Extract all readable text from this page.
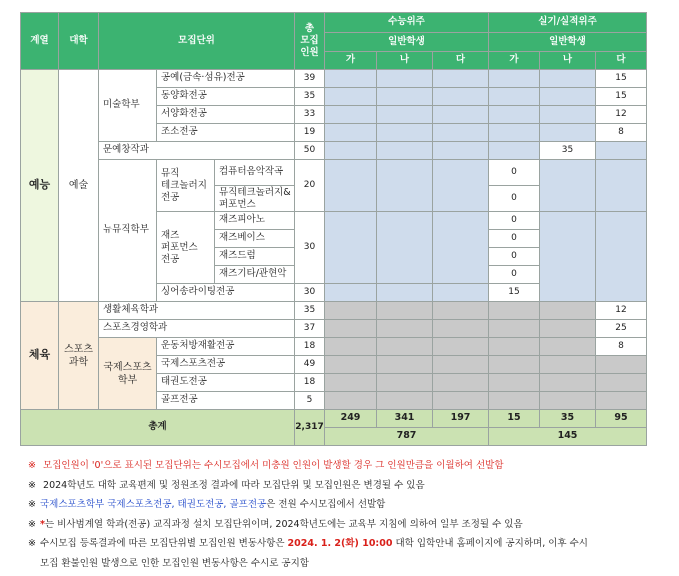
계열	대학	모집단위			총
모집
인원	수능위주			실기/실적위주		
						일반학생			일반학생		
						가	나	다	가	나	다
예능	예술	미술학부	공예(금속·섬유)전공		39						15
			동양화전공		35						15
			서양화전공		33						12
			조소전공		19						8
		문예창작과			50					35	
		뉴뮤직학부	뮤직
테크놀러지
전공	컴퓨터음악작곡	20				0		

				뮤직테크놀러지&
퍼포먼스					0		

			재즈
퍼포먼스
전공	재즈피아노	30				0		
				재즈베이스					0		
				재즈드럼					0		
				재즈기타/관현악					0		
			싱어송라이팅전공		30				15		
체육	스포츠
과학	생활체육학과			35						12
		스포츠경영학과			37						25

		국제스포츠
학부	운동처방재활전공		18						8
			국제스포츠전공		49						
			태권도전공		18						
			골프전공		5						
총계					2,317	249	341	197	15	35	95
						787			145		
※ 모집인원이 '0'으로 표시된 모집단위는 수시모집에서 미충원 인원이 발생할 경우 그 인원만큼을 이월하여 선발함
※ 2024학년도 대학 교육편제 및 정원조정 결과에 따라 모집단위 및 모집인원은 변경될 수 있음
※ 국제스포츠학부 국제스포츠전공, 태권도전공, 골프전공은 전원 수시모집에서 선발함
※ *는 비사범계열 학과(전공) 교직과정 설치 모집단위이며, 2024학년도에는 교육부 지침에 의하여 일부 조정될 수 있음
※ 수시모집 등록결과에 따른 모집단위별 모집인원 변동사항은 2024. 1. 2(화) 10:00 대학 입학안내 홈페이지에 공지하며, 이후 수시
모집 환불인원 발생으로 인한 모집인원 변동사항은 수시로 공지함
